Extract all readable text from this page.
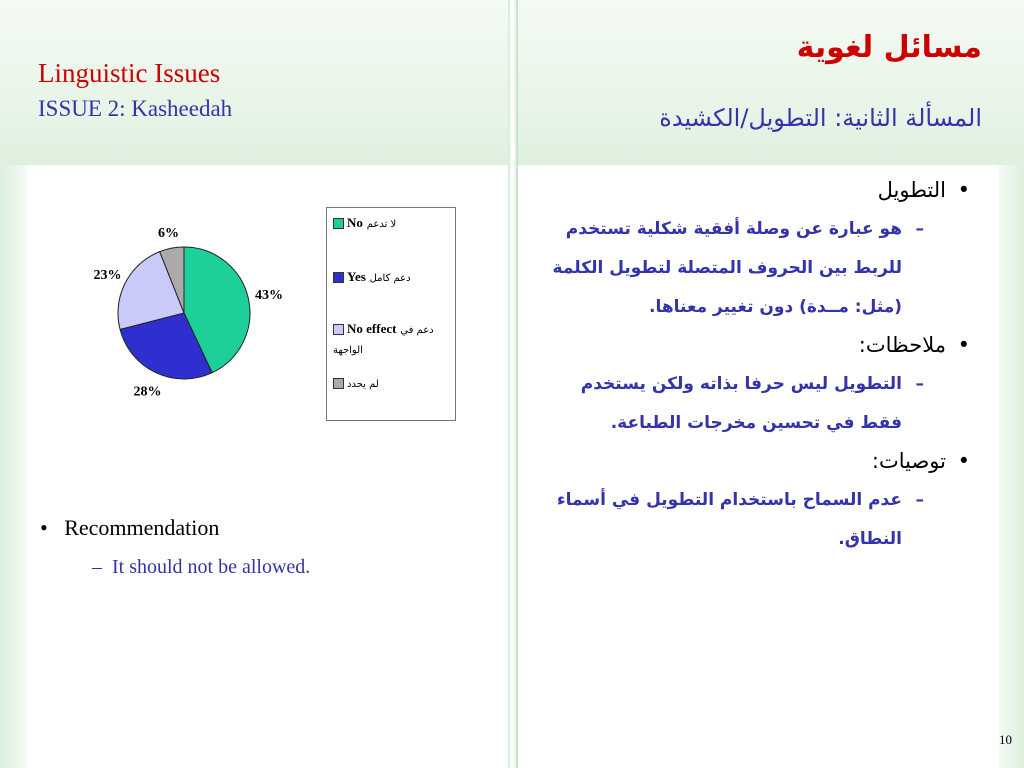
Linguistic Issues
ISSUE 2: Kasheedah
مسائل لغوية
المسألة الثانية: التطويل/الكشيدة
43%
28%
23%
6%
No لا تدعم
Yes دعم كامل
No effect دعم في الواجهة
لم يحدد
•   Recommendation
–  It should not be allowed.
• التطويل
– هو عبارة عن وصلة أفقية شكلية تستخدم للربط بين الحروف المتصلة لتطويل الكلمة (مثل: مــدة) دون تغيير معناها.
• ملاحظات:
– التطويل ليس حرفا بذاته ولكن يستخدم فقط في تحسين مخرجات الطباعة.
• توصيات:
– عدم السماح باستخدام التطويل في أسماء النطاق.
10
